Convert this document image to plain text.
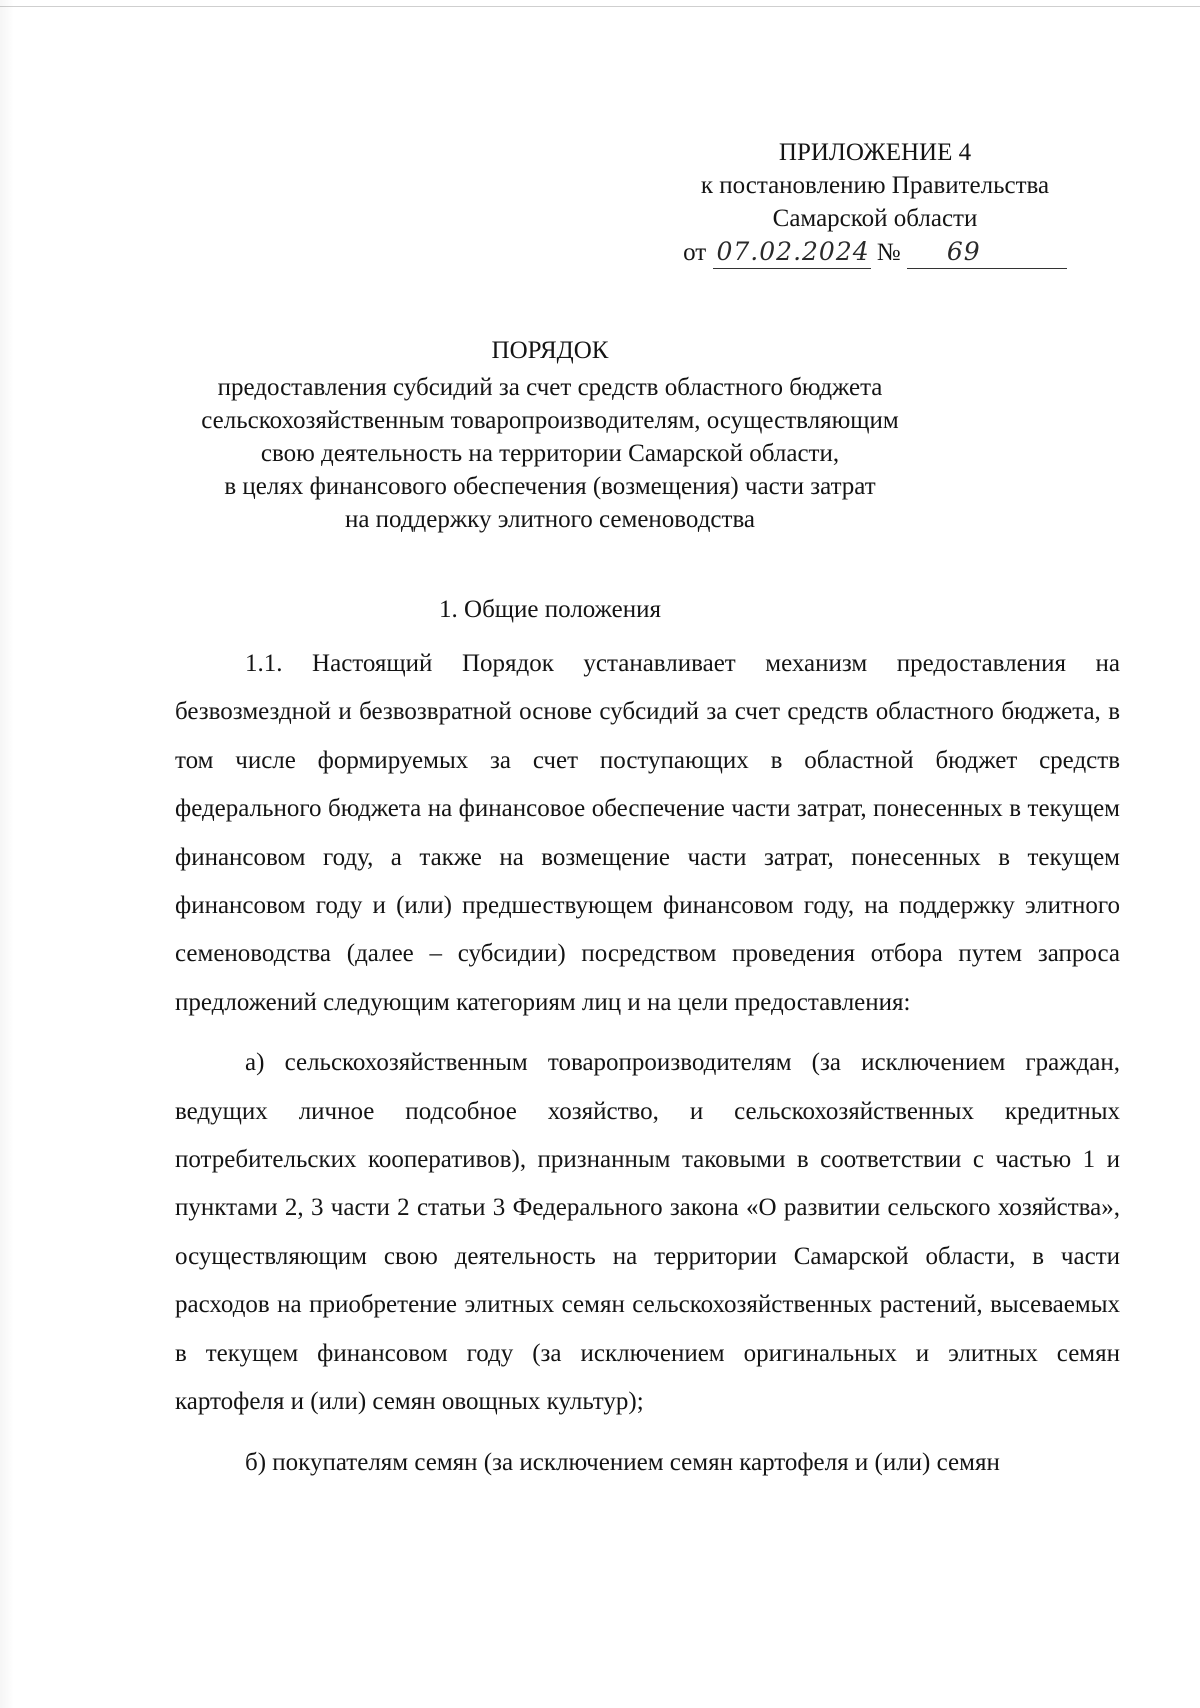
ПРИЛОЖЕНИЕ 4
к постановлению Правительства
Самарской области
от 07.02.2024 № 69
ПОРЯДОК
предоставления субсидий за счет средств областного бюджета
сельскохозяйственным товаропроизводителям, осуществляющим
свою деятельность на территории Самарской области,
в целях финансового обеспечения (возмещения) части затрат
на поддержку элитного семеноводства
1. Общие положения

1.1. Настоящий Порядок устанавливает механизм предоставления на безвозмездной и безвозвратной основе субсидий за счет средств областного бюджета, в том числе формируемых за счет поступающих в областной бюджет средств федерального бюджета на финансовое обеспечение части затрат, понесенных в текущем финансовом году, а также на возмещение части затрат, понесенных в текущем финансовом году и (или) предшествующем финансовом году, на поддержку элитного семеноводства (далее – субсидии) посредством проведения отбора путем запроса предложений следующим категориям лиц и на цели предоставления:

а) сельскохозяйственным товаропроизводителям (за исключением граждан, ведущих личное подсобное хозяйство, и сельскохозяйственных кредитных потребительских кооперативов), признанным таковыми в соответствии с частью 1 и пунктами 2, 3 части 2 статьи 3 Федерального закона «О развитии сельского хозяйства», осуществляющим свою деятельность на территории Самарской области, в части расходов на приобретение элитных семян сельскохозяйственных растений, высеваемых в текущем финансовом году (за исключением оригинальных и элитных семян картофеля и (или) семян овощных культур);

б) покупателям семян (за исключением семян картофеля и (или) семян
